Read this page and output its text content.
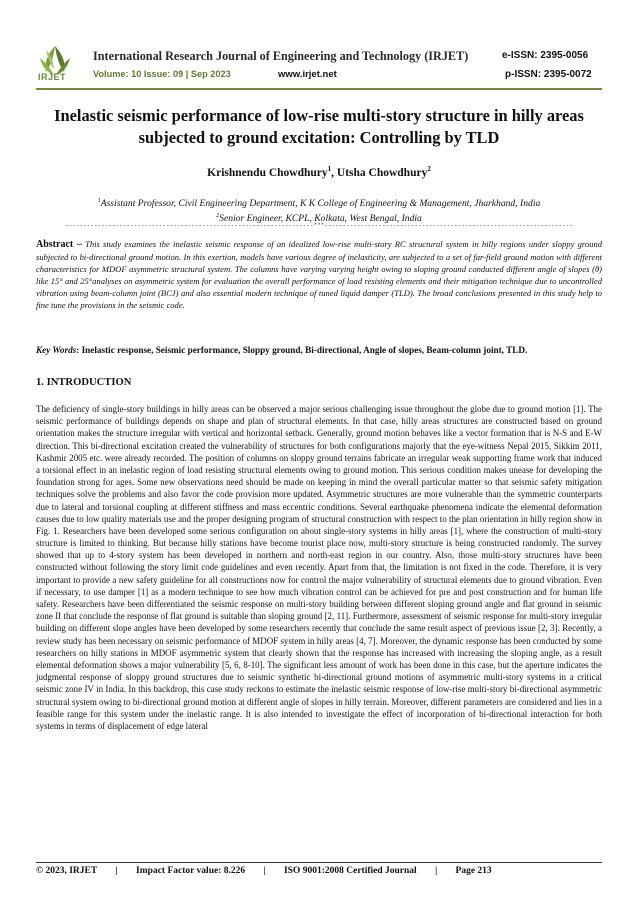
IRJET
International Research Journal of Engineering and Technology (IRJET)	e-ISSN: 2395-0056
Volume: 10 Issue: 09 | Sep 2023	www.irjet.net	p-ISSN: 2395-0072
Inelastic seismic performance of low-rise multi-story structure in hilly areas subjected to ground excitation: Controlling by TLD
Krishnendu Chowdhury$^1$, Utsha Chowdhury$^2$
$^1$Assistant Professor, Civil Engineering Department, K K College of Engineering & Management, Jharkhand, India
$^2$Senior Engineer, KCPL, Kolkata, West Bengal, India
---------------------------------------------------------------------***---------------------------------------------------------------------
Abstract – This study examines the inelastic seismic response of an idealized low-rise multi-story RC structural system in hilly regions under sloppy ground subjected to bi-directional ground motion. In this exertion, models have various degree of inelasticity, are subjected to a set of far-field ground motion with different characteristics for MDOF asymmetric structural system. The columns have varying varying height owing to sloping ground conducted different angle of slopes (θ) like 15° and 25°analyses on asymmetric system for evaluation the overall performance of load resisting elements and their mitigation technique due to uncontrolled vibration using beam-column joint (BCJ) and also essential modern technique of tuned liquid damper (TLD). The broad conclusions presented in this study help to fine tune the provisions in the seismic code.
Key Words: Inelastic response, Seismic performance, Sloppy ground, Bi-directional, Angle of slopes, Beam-column joint, TLD.
1. INTRODUCTION
The deficiency of single-story buildings in hilly areas can be observed a major serious challenging issue throughout the globe due to ground motion [1]. The seismic performance of buildings depends on shape and plan of structural elements. In that case, hilly areas structures are constructed based on ground orientation makes the structure irregular with vertical and horizontal setback. Generally, ground motion behaves like a vector formation that is N-S and E-W direction. This bi-directional excitation created the vulnerability of structures for both configurations majorly that the eye-witness Nepal 2015, Sikkim 2011, Kashmir 2005 etc. were already recorded. The position of columns on sloppy ground terrains fabricate an irregular weak supporting frame work that induced a torsional effect in an inelastic region of load resisting structural elements owing to ground motion. This serious condition makes unease for developing the foundation strong for ages. Some new observations need should be made on keeping in mind the overall particular matter so that seismic safety mitigation techniques solve the problems and also favor the code provision more updated. Asymmetric structures are more vulnerable than the symmetric counterparts due to lateral and torsional coupling at different stiffness and mass eccentric conditions. Several earthquake phenomena indicate the elemental deformation causes due to low quality materials use and the proper designing program of structural construction with respect to the plan orientation in hilly region show in Fig. 1. Researchers have been developed some serious configuration on about single-story systems in hilly areas [1], where the construction of multi-story structure is limited to thinking. But because hilly stations have become tourist place now, multi-story structure is being constructed randomly. The survey showed that up to 4-story system has been developed in northern and north-east region in our country. Also, those multi-story structures have been constructed without following the story limit code guidelines and even recently. Apart from that, the limitation is not fixed in the code. Therefore, it is very important to provide a new safety guideline for all constructions now for control the major vulnerability of structural elements due to ground vibration. Even if necessary, to use damper [1] as a modern technique to see how much vibration control can be achieved for pre and post construction and for human life safety. Researchers have been differentiated the seismic response on multi-story building between different sloping ground angle and flat ground in seismic zone II that conclude the response of flat ground is suitable than sloping ground [2, 11]. Furthermore, assessment of seismic response for multi-story irregular building on different slope angles have been developed by some researchers recently that conclude the same result aspect of previous issue [2, 3]. Recently, a review study has been necessary on seismic performance of MDOF system in hilly areas [4, 7]. Moreover, the dynamic response has been conducted by some researchers on hilly stations in MDOF asymmetric system that clearly shown that the response has increased with increasing the sloping angle, as a result elemental deformation shows a major vulnerability [5, 6, 8-10]. The significant less amount of work has been done in this case, but the aperture indicates the judgmental response of sloppy ground structures due to seismic synthetic bi-directional ground motions of asymmetric multi-story systems in a critical seismic zone IV in India. In this backdrop, this case study reckons to estimate the inelastic seismic response of low-rise multi-story bi-directional asymmetric structural system owing to bi-directional ground motion at different angle of slopes in hilly terrain. Moreover, different parameters are considered and lies in a feasible range for this system under the inelastic range. It is also intended to investigate the effect of incorporation of bi-directional interaction for both systems in terms of displacement of edge lateral
© 2023, IRJET | Impact Factor value: 8.226 | ISO 9001:2008 Certified Journal | Page 213
